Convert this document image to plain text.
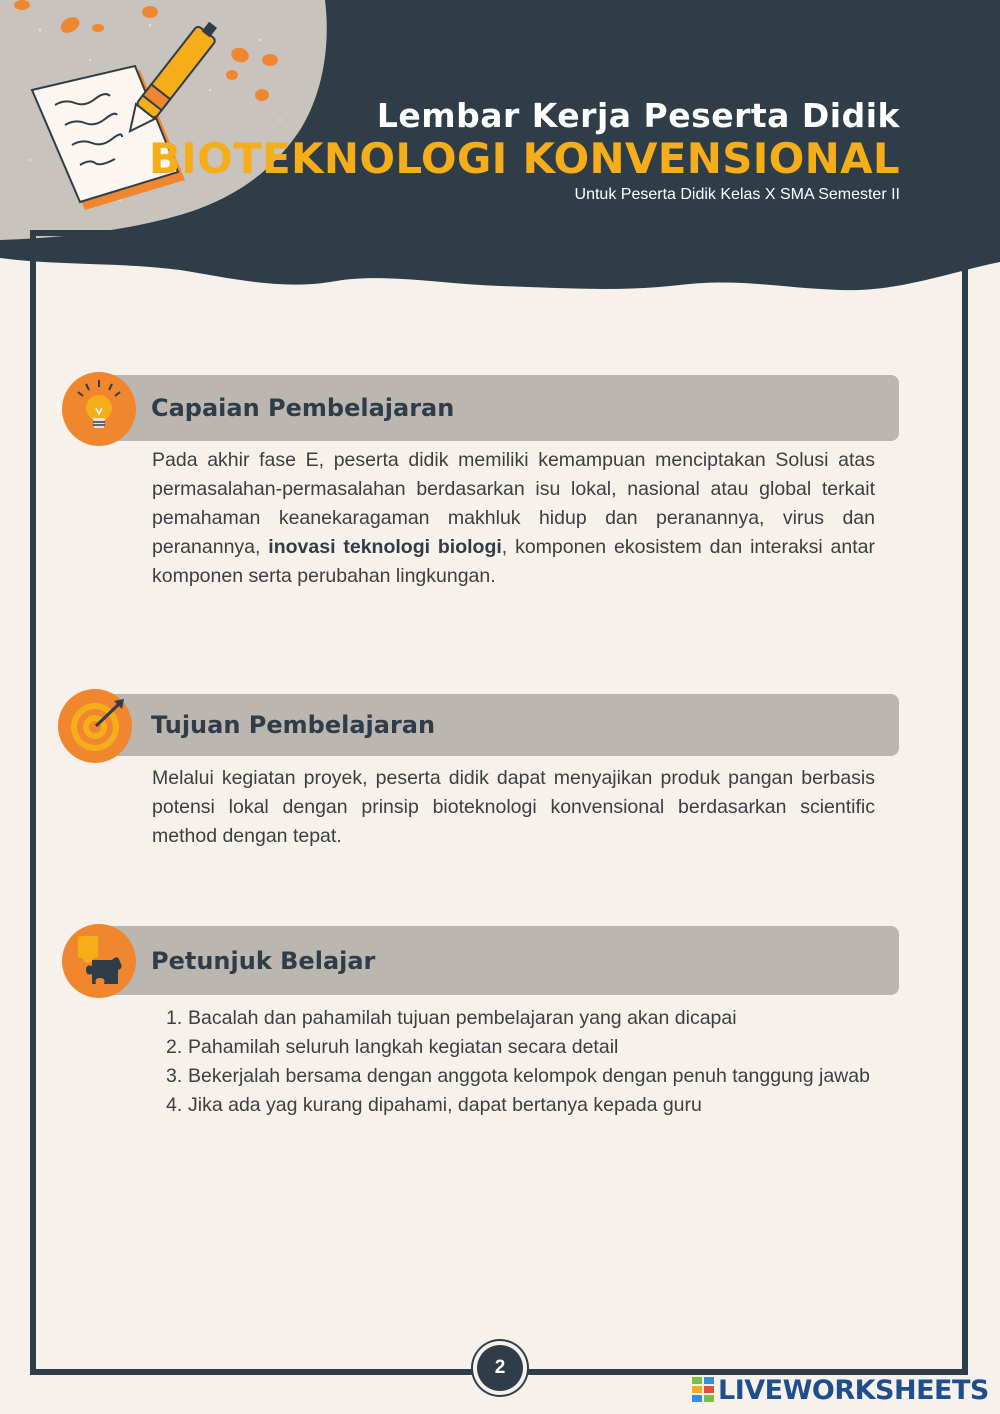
Lembar Kerja Peserta Didik
BIOTEKNOLOGI KONVENSIONAL
Untuk Peserta Didik Kelas X SMA Semester II
Capaian Pembelajaran
Pada akhir fase E, peserta didik memiliki kemampuan menciptakan Solusi atas permasalahan-permasalahan berdasarkan isu lokal, nasional atau global terkait pemahaman keanekaragaman makhluk hidup dan peranannya, virus dan peranannya, inovasi teknologi biologi, komponen ekosistem dan interaksi antar komponen serta perubahan lingkungan.
Tujuan Pembelajaran
Melalui kegiatan proyek, peserta didik dapat menyajikan produk pangan berbasis potensi lokal dengan prinsip bioteknologi konvensional berdasarkan scientific method dengan tepat.
Petunjuk Belajar
1. Bacalah dan pahamilah tujuan pembelajaran yang akan dicapai
2. Pahamilah seluruh langkah kegiatan secara detail
3. Bekerjalah bersama dengan anggota kelompok dengan penuh tanggung jawab
4. Jika ada yag kurang dipahami, dapat bertanya kepada guru
2
LIVEWORKSHEETS
